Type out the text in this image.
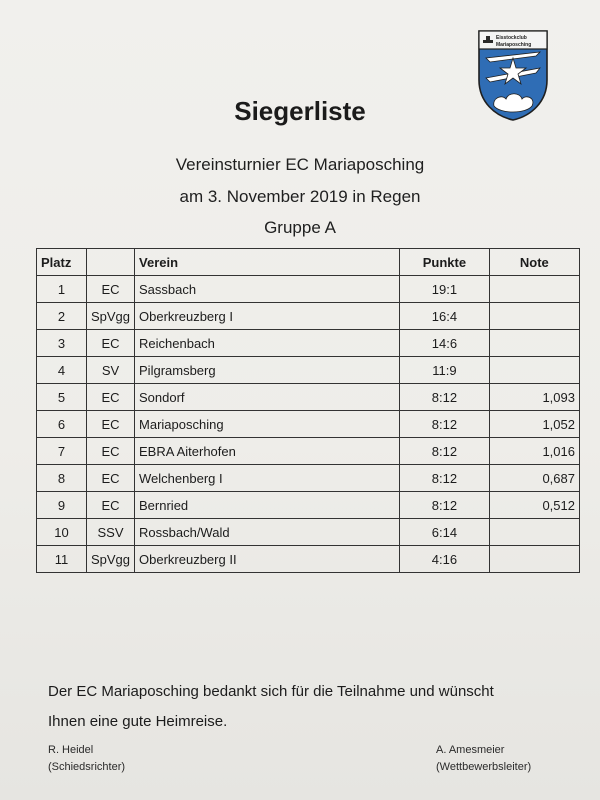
Eisstockclub
Mariaposching
Siegerliste
Vereinsturnier EC Mariaposching
am 3. November 2019 in Regen
Gruppe A
Platz		Verein	Punkte	Note
1	EC	Sassbach	19:1	
2	SpVgg	Oberkreuzberg I	16:4	
3	EC	Reichenbach	14:6	
4	SV	Pilgramsberg	11:9	
5	EC	Sondorf	8:12	1,093
6	EC	Mariaposching	8:12	1,052
7	EC	EBRA Aiterhofen	8:12	1,016
8	EC	Welchenberg I	8:12	0,687
9	EC	Bernried	8:12	0,512
10	SSV	Rossbach/Wald	6:14	
11	SpVgg	Oberkreuzberg II	4:16	
Der EC Mariaposching bedankt sich für die Teilnahme und wünscht
Ihnen eine gute Heimreise.
R. Heidel
(Schiedsrichter)
A. Amesmeier
(Wettbewerbsleiter)
